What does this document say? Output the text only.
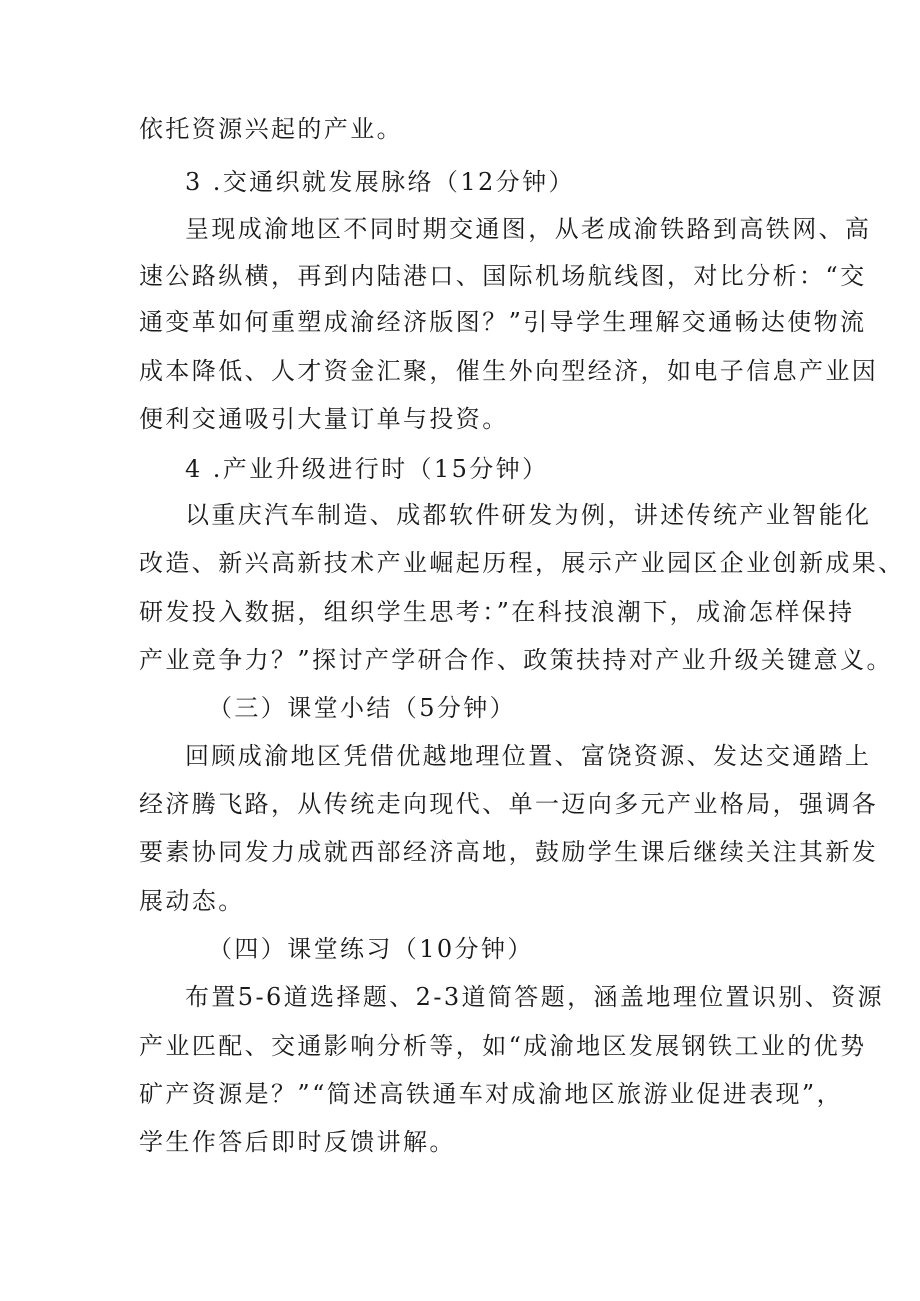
依托资源兴起的产业。
3 .交通织就发展脉络（12分钟）
呈现成渝地区不同时期交通图，从老成渝铁路到高铁网、高
速公路纵横，再到内陆港口、国际机场航线图，对比分析：“交
通变革如何重塑成渝经济版图？”引导学生理解交通畅达使物流
成本降低、人才资金汇聚，催生外向型经济，如电子信息产业因
便利交通吸引大量订单与投资。
4 .产业升级进行时（15分钟）
以重庆汽车制造、成都软件研发为例，讲述传统产业智能化
改造、新兴高新技术产业崛起历程，展示产业园区企业创新成果、
研发投入数据，组织学生思考：”在科技浪潮下，成渝怎样保持
产业竞争力？”探讨产学研合作、政策扶持对产业升级关键意义。
（三）课堂小结（5分钟）
回顾成渝地区凭借优越地理位置、富饶资源、发达交通踏上
经济腾飞路，从传统走向现代、单一迈向多元产业格局，强调各
要素协同发力成就西部经济高地，鼓励学生课后继续关注其新发
展动态。
（四）课堂练习（10分钟）
布置5-6道选择题、2-3道简答题，涵盖地理位置识别、资源
产业匹配、交通影响分析等，如“成渝地区发展钢铁工业的优势
矿产资源是？”“简述高铁通车对成渝地区旅游业促进表现”，
学生作答后即时反馈讲解。
